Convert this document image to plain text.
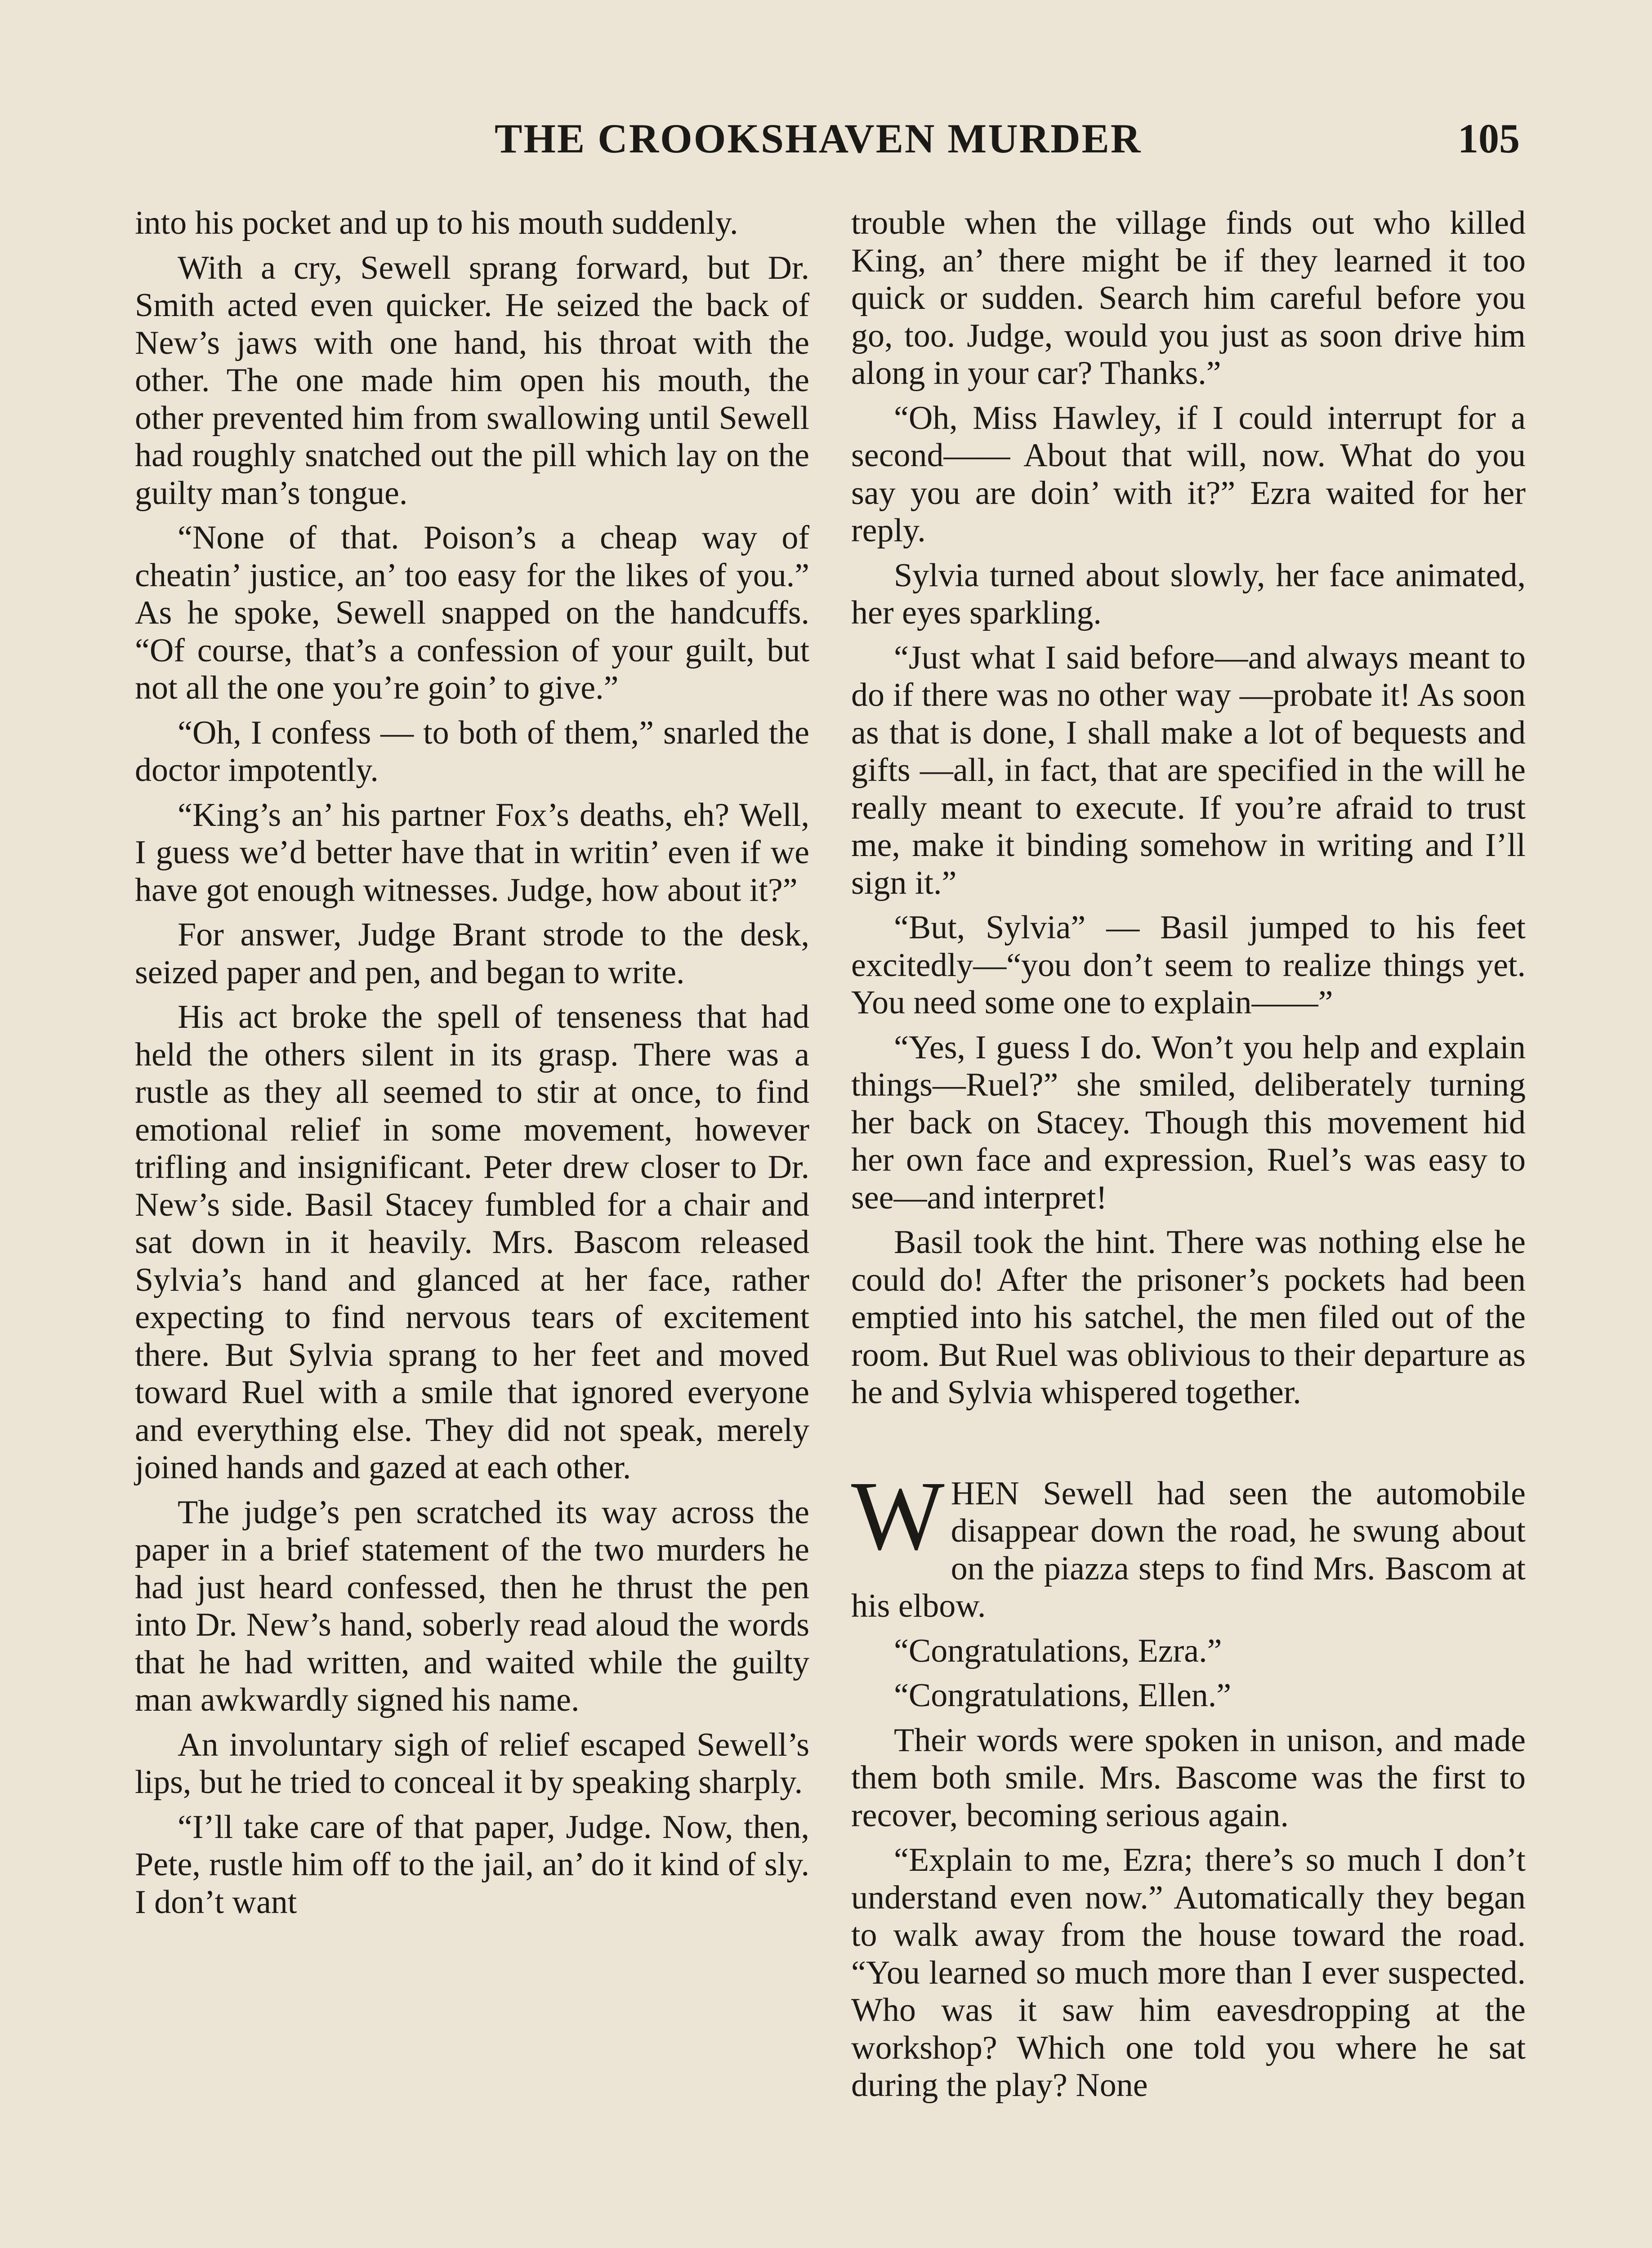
THE CROOKSHAVEN MURDER	105

into his pocket and up to his mouth suddenly.

With a cry, Sewell sprang forward, but Dr. Smith acted even quicker. He seized the back of New’s jaws with one hand, his throat with the other. The one made him open his mouth, the other prevented him from swallowing until Sewell had roughly snatched out the pill which lay on the guilty man’s tongue.

“None of that. Poison’s a cheap way of cheatin’ justice, an’ too easy for the likes of you.” As he spoke, Sewell snapped on the handcuffs. “Of course, that’s a confession of your guilt, but not all the one you’re goin’ to give.”

“Oh, I confess — to both of them,” snarled the doctor impotently.

“King’s an’ his partner Fox’s deaths, eh? Well, I guess we’d better have that in writin’ even if we have got enough witnesses. Judge, how about it?”

For answer, Judge Brant strode to the desk, seized paper and pen, and began to write.

His act broke the spell of tenseness that had held the others silent in its grasp. There was a rustle as they all seemed to stir at once, to find emotional relief in some movement, however trifling and insignificant. Peter drew closer to Dr. New’s side. Basil Stacey fumbled for a chair and sat down in it heavily. Mrs. Bascom released Sylvia’s hand and glanced at her face, rather expecting to find nervous tears of excitement there. But Sylvia sprang to her feet and moved toward Ruel with a smile that ignored everyone and everything else. They did not speak, merely joined hands and gazed at each other.

The judge’s pen scratched its way across the paper in a brief statement of the two murders he had just heard confessed, then he thrust the pen into Dr. New’s hand, soberly read aloud the words that he had written, and waited while the guilty man awkwardly signed his name.

An involuntary sigh of relief escaped Sewell’s lips, but he tried to conceal it by speaking sharply.

“I’ll take care of that paper, Judge. Now, then, Pete, rustle him off to the jail, an’ do it kind of sly. I don’t want

trouble when the village finds out who killed King, an’ there might be if they learned it too quick or sudden. Search him careful before you go, too. Judge, would you just as soon drive him along in your car? Thanks.”

“Oh, Miss Hawley, if I could interrupt for a second—— About that will, now. What do you say you are doin’ with it?” Ezra waited for her reply.

Sylvia turned about slowly, her face animated, her eyes sparkling.

“Just what I said before—and always meant to do if there was no other way —probate it! As soon as that is done, I shall make a lot of bequests and gifts —all, in fact, that are specified in the will he really meant to execute. If you’re afraid to trust me, make it binding somehow in writing and I’ll sign it.”

“But, Sylvia” — Basil jumped to his feet excitedly—“you don’t seem to realize things yet. You need some one to explain——”

“Yes, I guess I do. Won’t you help and explain things—Ruel?” she smiled, deliberately turning her back on Stacey. Though this movement hid her own face and expression, Ruel’s was easy to see—and interpret!

Basil took the hint. There was nothing else he could do! After the prisoner’s pockets had been emptied into his satchel, the men filed out of the room. But Ruel was oblivious to their departure as he and Sylvia whispered together.

WHEN Sewell had seen the automobile disappear down the road, he swung about on the piazza steps to find Mrs. Bascom at his elbow.

“Congratulations, Ezra.”

“Congratulations, Ellen.”

Their words were spoken in unison, and made them both smile. Mrs. Bascome was the first to recover, becoming serious again.

“Explain to me, Ezra; there’s so much I don’t understand even now.” Automatically they began to walk away from the house toward the road. “You learned so much more than I ever suspected. Who was it saw him eavesdropping at the workshop? Which one told you where he sat during the play? None
